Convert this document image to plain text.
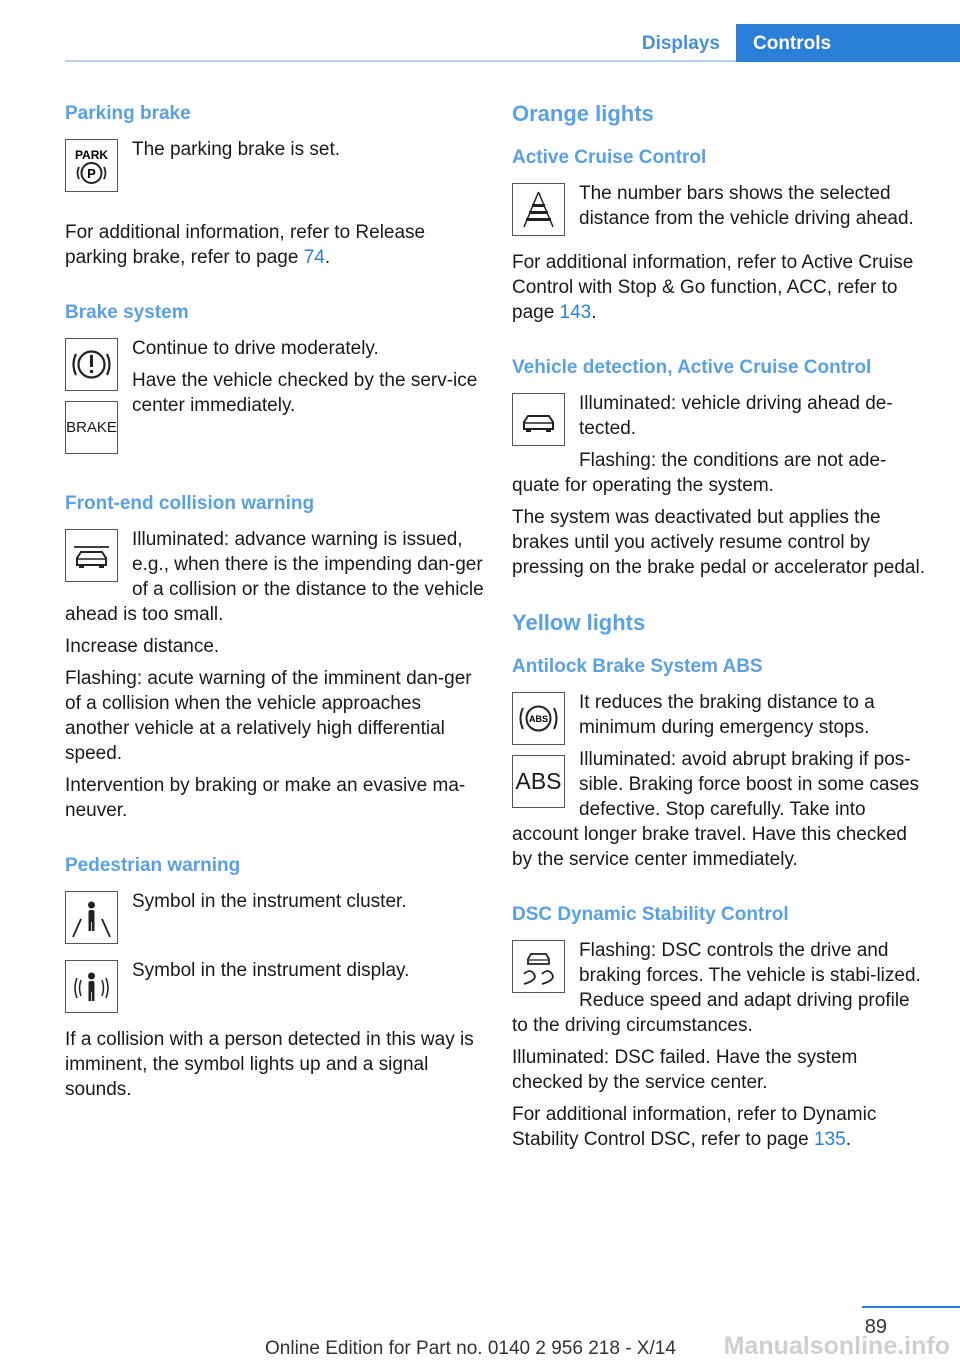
Displays	Controls
Parking brake
PARK
P

The parking brake is set.

For additional information, refer to Release parking brake, refer to page 74.

Brake system
BRAKE

Continue to drive moderately.

Have the vehicle checked by the serv-ice center immediately.

Front-end collision warning

Illuminated: advance warning is issued, e.g., when there is the impending dan-ger of a collision or the distance to the vehicle ahead is too small.

Increase distance.

Flashing: acute warning of the imminent dan-ger of a collision when the vehicle approaches another vehicle at a relatively high differential speed.

Intervention by braking or make an evasive ma-neuver.

Pedestrian warning

Symbol in the instrument cluster.

Symbol in the instrument display.

If a collision with a person detected in this way is imminent, the symbol lights up and a signal sounds.

Orange lights
Active Cruise Control

The number bars shows the selected distance from the vehicle driving ahead.

For additional information, refer to Active Cruise Control with Stop & Go function, ACC, refer to page 143.

Vehicle detection, Active Cruise Control

Illuminated: vehicle driving ahead de-tected.

Flashing: the conditions are not ade-quate for operating the system.

The system was deactivated but applies the brakes until you actively resume control by pressing on the brake pedal or accelerator pedal.

Yellow lights
Antilock Brake System ABS
ABS
ABS

It reduces the braking distance to a minimum during emergency stops.

Illuminated: avoid abrupt braking if pos-sible. Braking force boost in some cases defective. Stop carefully. Take into account longer brake travel. Have this checked by the service center immediately.

DSC Dynamic Stability Control

Flashing: DSC controls the drive and braking forces. The vehicle is stabi-lized. Reduce speed and adapt driving profile to the driving circumstances.

Illuminated: DSC failed. Have the system checked by the service center.

For additional information, refer to Dynamic Stability Control DSC, refer to page 135.

89
Online Edition for Part no. 0140 2 956 218 - X/14 Manualsonline.info
